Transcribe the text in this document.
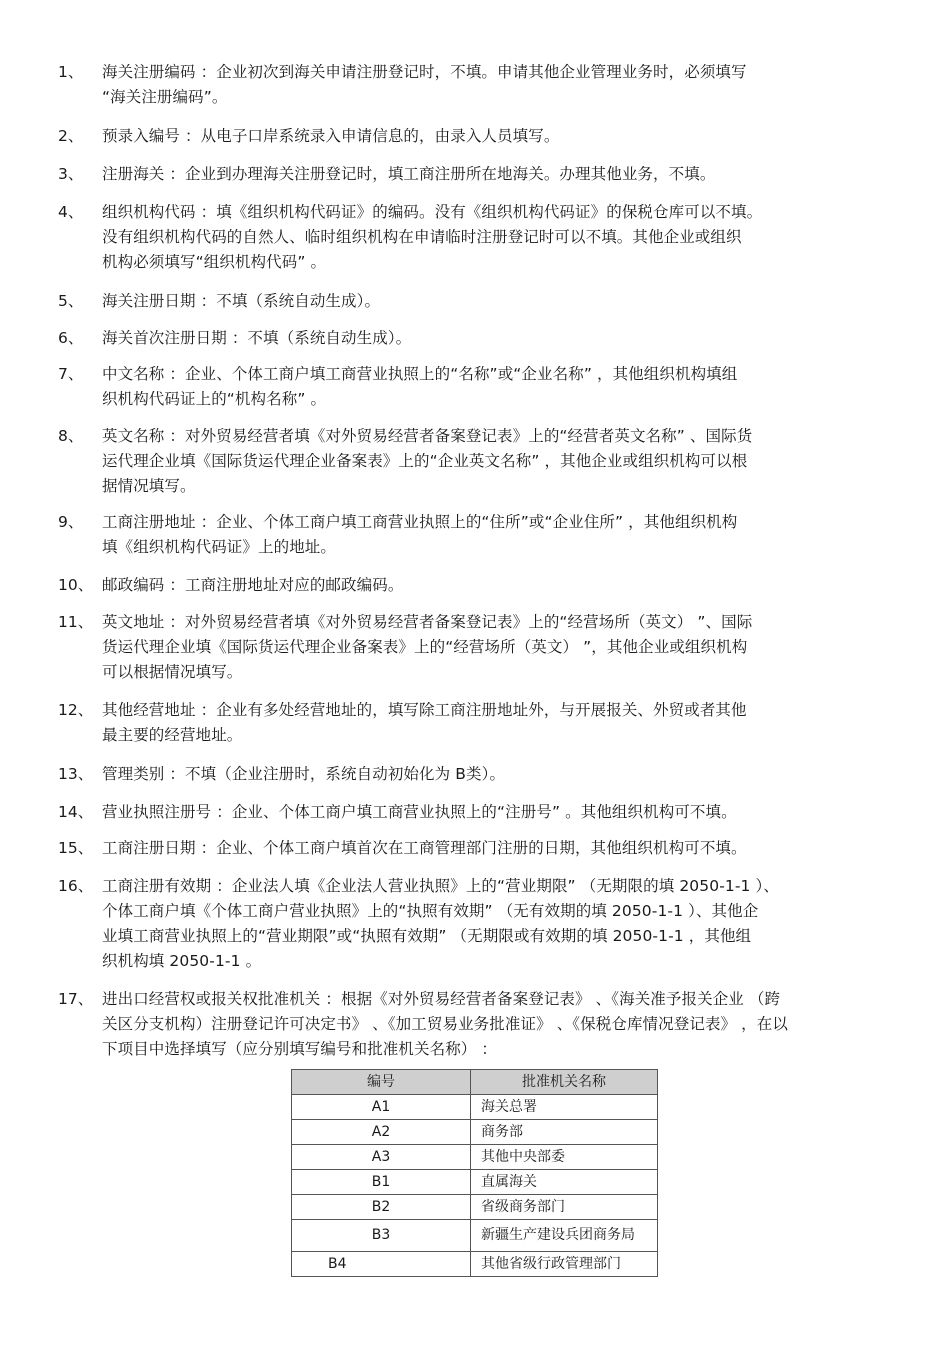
1、 海关注册编码 ：企业初次到海关申请注册登记时，不填。申请其他企业管理业务时，必须填写
“海关注册编码”。
2、 预录入编号 ：从电子口岸系统录入申请信息的，由录入人员填写。
3、 注册海关 ：企业到办理海关注册登记时，填工商注册所在地海关。办理其他业务，不填。
4、 组织机构代码 ：填《组织机构代码证》的编码。没有《组织机构代码证》的保税仓库可以不填。
没有组织机构代码的自然人、临时组织机构在申请临时注册登记时可以不填。其他企业或组织
机构必须填写“组织机构代码” 。
5、 海关注册日期 ：不填（系统自动生成）。
6、 海关首次注册日期 ：不填（系统自动生成）。
7、 中文名称 ：企业、个体工商户填工商营业执照上的“名称”或“企业名称” ，其他组织机构填组
织机构代码证上的“机构名称” 。
8、 英文名称 ：对外贸易经营者填《对外贸易经营者备案登记表》上的“经营者英文名称” 、国际货
运代理企业填《国际货运代理企业备案表》上的“企业英文名称” ，其他企业或组织机构可以根
据情况填写。
9、 工商注册地址 ：企业、个体工商户填工商营业执照上的“住所”或“企业住所” ，其他组织机构
填《组织机构代码证》上的地址。
10、 邮政编码 ：工商注册地址对应的邮政编码。
11、 英文地址 ：对外贸易经营者填《对外贸易经营者备案登记表》上的“经营场所（英文） ”、国际
货运代理企业填《国际货运代理企业备案表》上的“经营场所（英文） ”，其他企业或组织机构
可以根据情况填写。
12、 其他经营地址 ：企业有多处经营地址的，填写除工商注册地址外，与开展报关、外贸或者其他
最主要的经营地址。
13、 管理类别 ：不填（企业注册时，系统自动初始化为 B类）。
14、 营业执照注册号 ：企业、个体工商户填工商营业执照上的“注册号” 。其他组织机构可不填。
15、 工商注册日期 ：企业、个体工商户填首次在工商管理部门注册的日期，其他组织机构可不填。
16、 工商注册有效期 ：企业法人填《企业法人营业执照》上的“营业期限” （无期限的填 2050-1-1 ）、
个体工商户填《个体工商户营业执照》上的“执照有效期” （无有效期的填 2050-1-1 ）、其他企
业填工商营业执照上的“营业期限”或“执照有效期” （无期限或有效期的填 2050-1-1 ，其他组
织机构填 2050-1-1 。
17、 进出口经营权或报关权批准机关 ：根据《对外贸易经营者备案登记表》 、《海关准予报关企业 （跨
关区分支机构）注册登记许可决定书》 、《加工贸易业务批准证》 、《保税仓库情况登记表》 ，在以
下项目中选择填写（应分别填写编号和批准机关名称） ：
编号	批准机关名称
A1	海关总署
A2	商务部
A3	其他中央部委
B1	直属海关
B2	省级商务部门
B3	新疆生产建设兵团商务局
B4	其他省级行政管理部门
